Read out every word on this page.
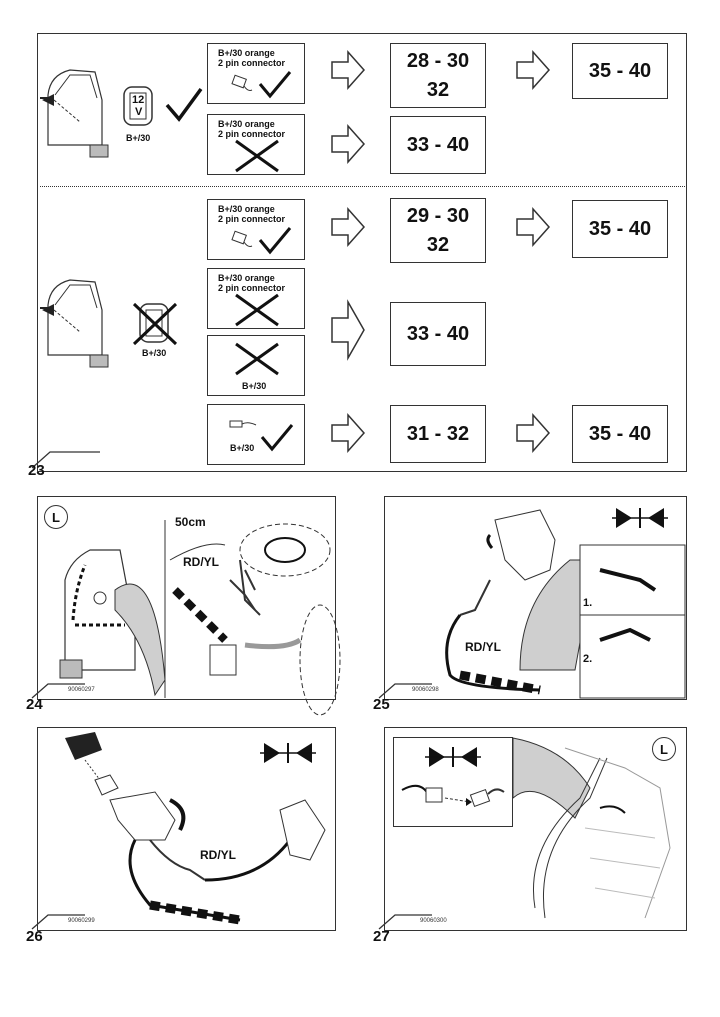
23
12
V
B+/30
B+/30
B+/30 orange
2 pin connector
B+/30 orange
2 pin connector
B+/30 orange
2 pin connector
B+/30 orange
2 pin connector
B+/30
B+/30
28 - 30
32
35 - 40
33 - 40
29 - 30
32
35 - 40
33 - 40
31 - 32	35 - 40
24
L	50cm
RD/YL
90060297
25
RD/YL
1.
2.
90060298
26
RD/YL
90060299
27
L
90060300
